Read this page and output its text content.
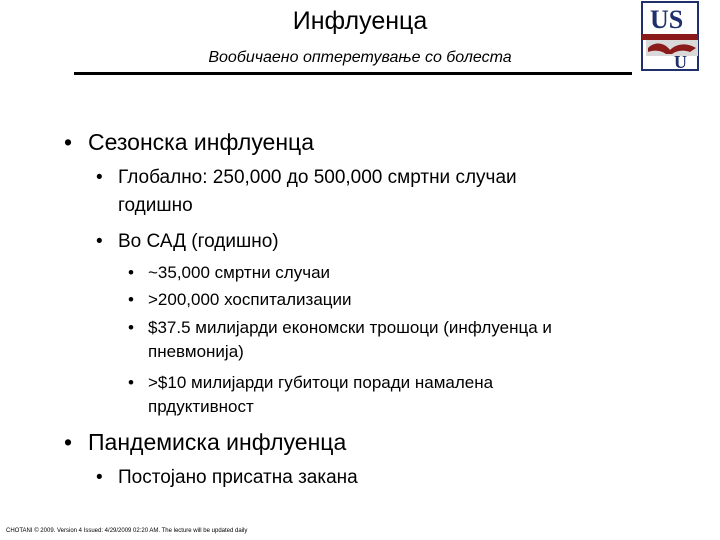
Инфлуенца
Вообичаено оптеретување со болеста
US
U
• Сезонска инфлуенца
• Глобално: 250,000 до 500,000 смртни случаи
годишно
• Во САД (годишно)
• ~35,000 смртни случаи
• >200,000 хоспитализации
• $37.5 милијарди економски трошоци (инфлуенца и
пневмонија)
• >$10 милијарди губитоци поради намалена
прдуктивност
• Пандемиска инфлуенца
• Постојано присатна закана
CHOTANI © 2009. Version 4 Issued: 4/29/2009 02:20 AM. The lecture will be updated daily
